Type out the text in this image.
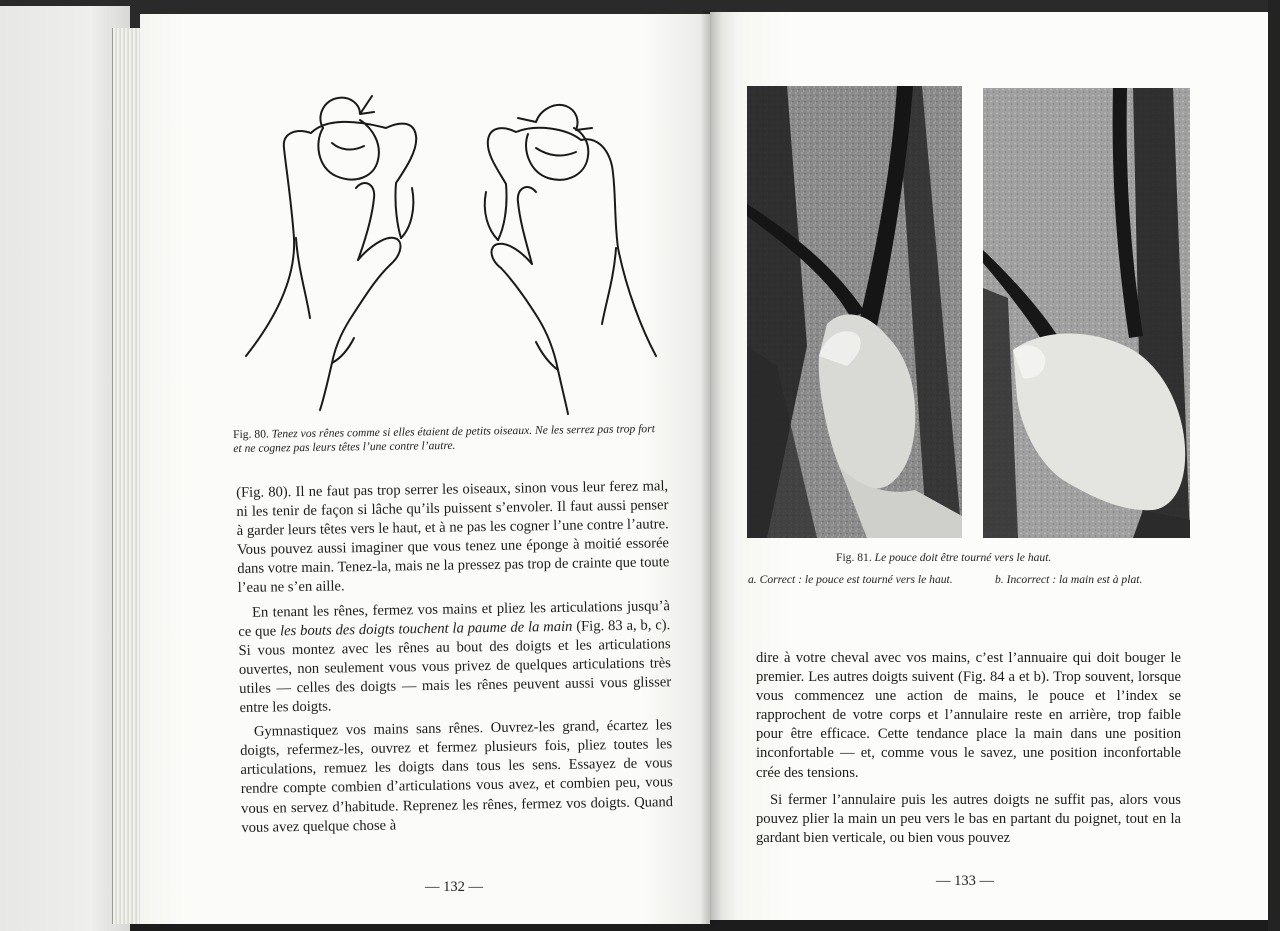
Fig. 80. Tenez vos rênes comme si elles étaient de petits oiseaux. Ne les serrez pas trop fort et ne cognez pas leurs têtes l’une contre l’autre.

(Fig. 80). Il ne faut pas trop serrer les oiseaux, sinon vous leur ferez mal, ni les tenir de façon si lâche qu’ils puissent s’envoler. Il faut aussi penser à garder leurs têtes vers le haut, et à ne pas les cogner l’une contre l’autre. Vous pouvez aussi imaginer que vous tenez une éponge à moitié essorée dans votre main. Tenez-la, mais ne la pressez pas trop de crainte que toute l’eau ne s’en aille.

En tenant les rênes, fermez vos mains et pliez les articulations jusqu’à ce que les bouts des doigts touchent la paume de la main (Fig. 83 a, b, c). Si vous montez avec les rênes au bout des doigts et les articulations ouvertes, non seulement vous vous privez de quelques articulations très utiles — celles des doigts — mais les rênes peuvent aussi vous glisser entre les doigts.

Gymnastiquez vos mains sans rênes. Ouvrez-les grand, écartez les doigts, refermez-les, ouvrez et fermez plusieurs fois, pliez toutes les articulations, remuez les doigts dans tous les sens. Essayez de vous rendre compte combien d’articulations vous avez, et combien peu, vous vous en servez d’habitude. Reprenez les rênes, fermez vos doigts. Quand vous avez quelque chose à

— 132 —
Fig. 81. Le pouce doit être tourné vers le haut.
a. Correct : le pouce est tourné vers le haut.	b. Incorrect : la main est à plat.

dire à votre cheval avec vos mains, c’est l’annuaire qui doit bouger le premier. Les autres doigts suivent (Fig. 84 a et b). Trop souvent, lorsque vous commencez une action de mains, le pouce et l’index se rapprochent de votre corps et l’annulaire reste en arrière, trop faible pour être efficace. Cette tendance place la main dans une position inconfortable — et, comme vous le savez, une position inconfortable crée des tensions.

Si fermer l’annulaire puis les autres doigts ne suffit pas, alors vous pouvez plier la main un peu vers le bas en partant du poignet, tout en la gardant bien verticale, ou bien vous pouvez

— 133 —
